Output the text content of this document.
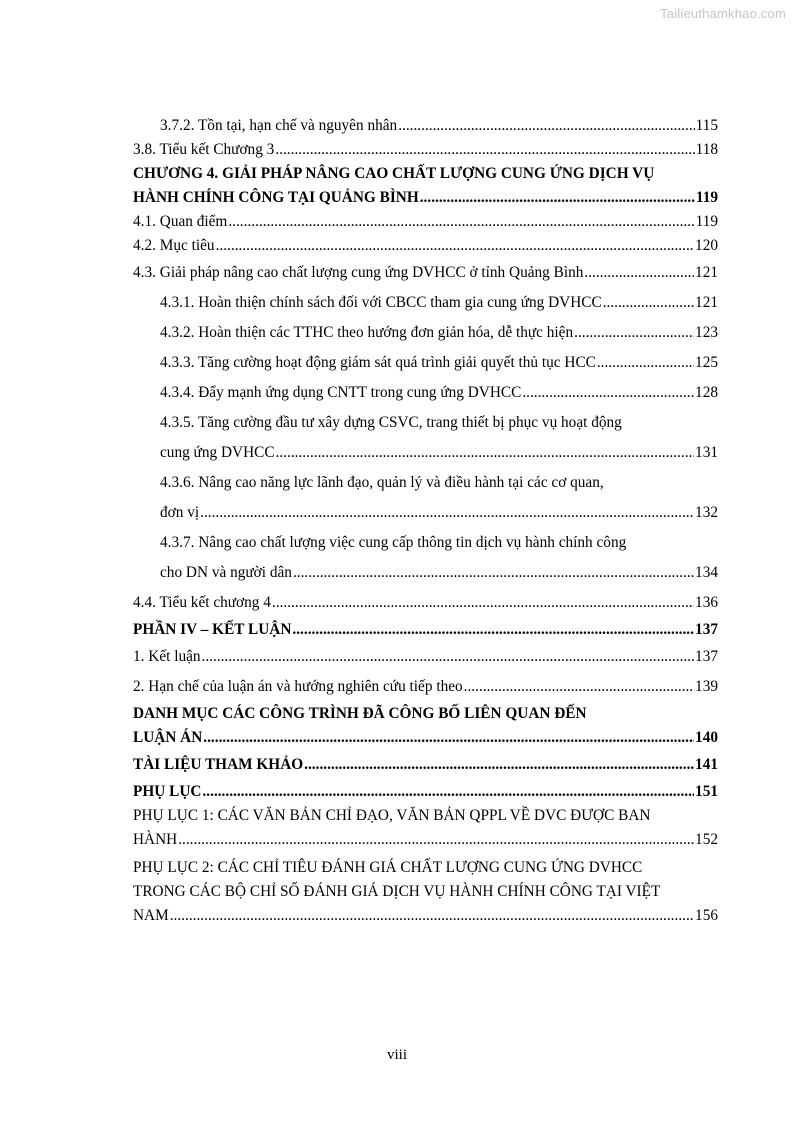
Tailieuthamkhao.com
3.7.2. Tồn tại, hạn chế và nguyên nhân .....	115
3.8. Tiểu kết Chương 3 .....	118
CHƯƠNG 4. GIẢI PHÁP NÂNG CAO CHẤT LƯỢNG CUNG ỨNG DỊCH VỤ
HÀNH CHÍNH CÔNG TẠI QUẢNG BÌNH .....	119
4.1. Quan điểm .....	119
4.2. Mục tiêu .....	120
4.3. Giải pháp nâng cao chất lượng cung ứng DVHCC ở tỉnh Quảng Bình .....	121
4.3.1. Hoàn thiện chính sách đối với CBCC tham gia cung ứng DVHCC .....	121
4.3.2. Hoàn thiện các TTHC theo hướng đơn giản hóa, dễ thực hiện .....	123
4.3.3. Tăng cường hoạt động giám sát quá trình giải quyết thủ tục HCC .....	125
4.3.4. Đẩy mạnh ứng dụng CNTT trong cung ứng DVHCC .....	128
4.3.5. Tăng cường đầu tư xây dựng CSVC, trang thiết bị phục vụ hoạt động
cung ứng DVHCC .....	131
4.3.6. Nâng cao năng lực lãnh đạo, quản lý và điều hành tại các cơ quan,
đơn vị .....	132
4.3.7. Nâng cao chất lượng việc cung cấp thông tin dịch vụ hành chính công
cho DN và người dân .....	134
4.4. Tiểu kết chương 4 .....	136
PHẦN IV – KẾT LUẬN .....	137
1. Kết luận .....	137
2. Hạn chế của luận án và hướng nghiên cứu tiếp theo .....	139
DANH MỤC CÁC CÔNG TRÌNH ĐÃ CÔNG BỐ LIÊN QUAN ĐẾN
LUẬN ÁN .....	140
TÀI LIỆU THAM KHẢO .....	141
PHỤ LỤC .....	151
PHỤ LỤC 1: CÁC VĂN BẢN CHỈ ĐẠO, VĂN BẢN QPPL VỀ DVC ĐƯỢC BAN
HÀNH .....	152
PHỤ LỤC 2: CÁC CHỈ TIÊU ĐÁNH GIÁ CHẤT LƯỢNG CUNG ỨNG DVHCC
TRONG CÁC BỘ CHỈ SỐ ĐÁNH GIÁ DỊCH VỤ HÀNH CHÍNH CÔNG TẠI VIỆT
NAM .....	156
viii
